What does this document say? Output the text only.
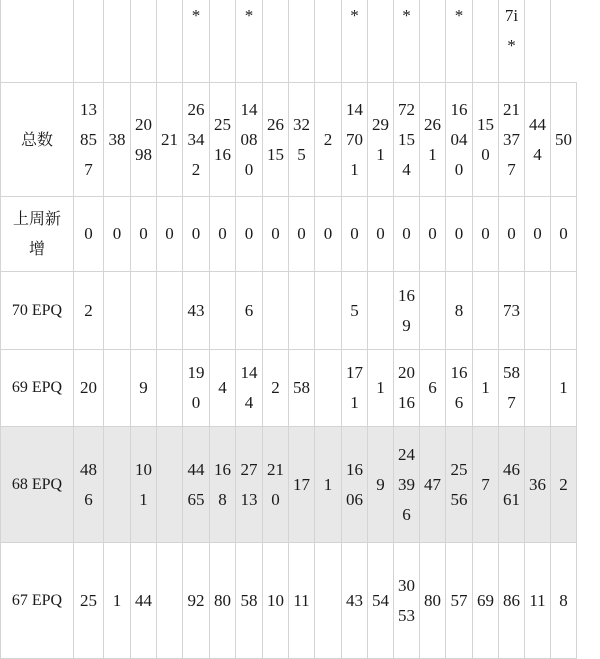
					*		*				*		*		*		7i*		
总数	13857	38	2098	21	26342	2516	14080	2615	325	2	14701	291	72154	261	16040	150	21377	444	50
上周新增	0	0	0	0	0	0	0	0	0	0	0	0	0	0	0	0	0	0	0
70 EPQ	2				43		6				5		169		8		73		
69 EPQ	20		9		190	4	144	2	58		171	1	2016	6	166	1	587		1
68 EPQ	486		101		4465	168	2713	210	17	1	1606	9	24396	47	2556	7	4661	36	2
67 EPQ	25	1	44		92	80	58	10	11		43	54	3053	80	57	69	86	11	8
